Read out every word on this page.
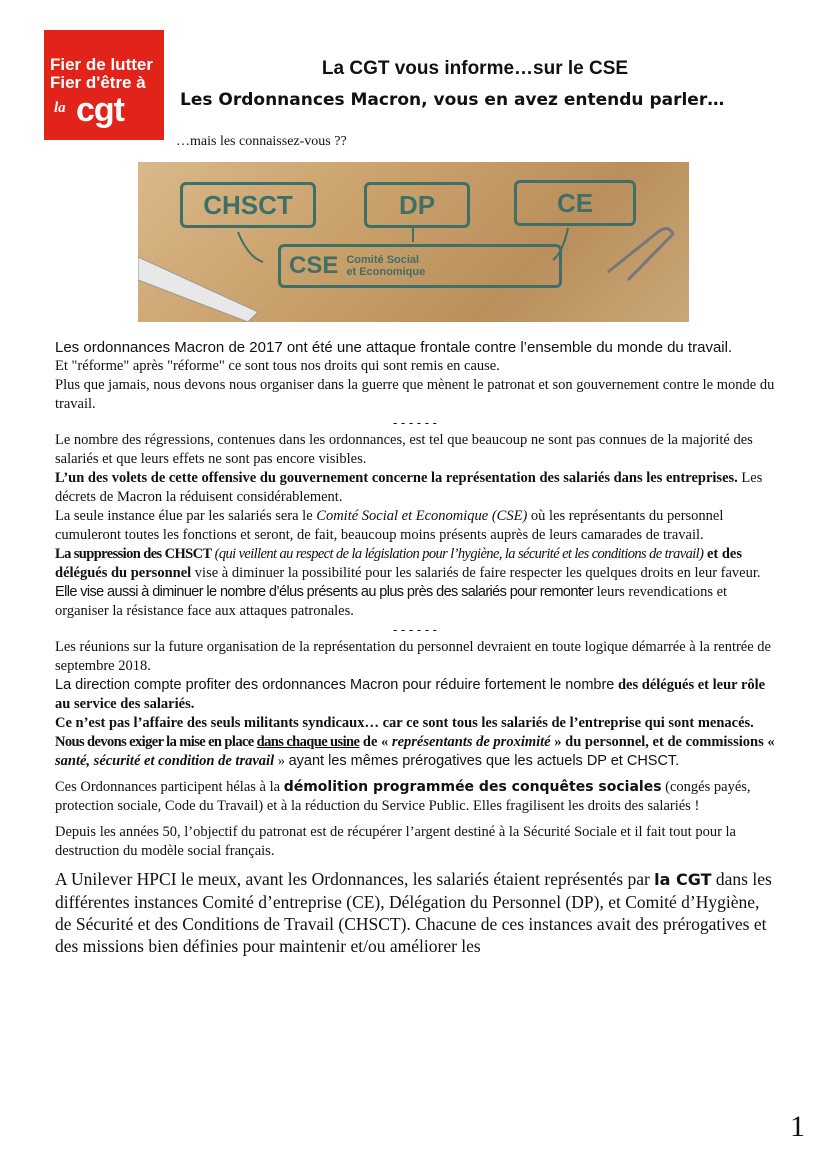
Fier de lutter
Fier d'être à
la cgt
La CGT vous informe…sur le CSE
Les Ordonnances Macron, vous en avez entendu parler…
…mais les connaissez-vous ??
CHSCT	DP	CE
CSE Comité Social
et Economique

Les ordonnances Macron de 2017 ont été une attaque frontale contre l’ensemble du monde du travail.

Et "réforme" après "réforme" ce sont tous nos droits qui sont remis en cause.

Plus que jamais, nous devons nous organiser dans la guerre que mènent le patronat et son gouvernement contre le monde du travail.

- - - - - -

Le nombre des régressions, contenues dans les ordonnances, est tel que beaucoup ne sont pas connues de la majorité des salariés et que leurs effets ne sont pas encore visibles.

L’un des volets de cette offensive du gouvernement concerne la représentation des salariés dans les entreprises. Les décrets de Macron la réduisent considérablement.

La seule instance élue par les salariés sera le Comité Social et Economique (CSE) où les représentants du personnel cumuleront toutes les fonctions et seront, de fait, beaucoup moins présents auprès de leurs camarades de travail.

La suppression des CHSCT (qui veillent au respect de la législation pour l’hygiène, la sécurité et les conditions de travail) et des délégués du personnel vise à diminuer la possibilité pour les salariés de faire respecter les quelques droits en leur faveur.

Elle vise aussi à diminuer le nombre d’élus présents au plus près des salariés pour remonter leurs revendications et organiser la résistance face aux attaques patronales.

- - - - - -

Les réunions sur la future organisation de la représentation du personnel devraient en toute logique démarrée à la rentrée de septembre 2018.

La direction compte profiter des ordonnances Macron pour réduire fortement le nombre des délégués et leur rôle au service des salariés.

Ce n’est pas l’affaire des seuls militants syndicaux… car ce sont tous les salariés de l’entreprise qui sont menacés.

Nous devons exiger la mise en place dans chaque usine de « représentants de proximité » du personnel, et de commissions « santé, sécurité et condition de travail » ayant les mêmes prérogatives que les actuels DP et CHSCT.

Ces Ordonnances participent hélas à la démolition programmée des conquêtes sociales (congés payés, protection sociale, Code du Travail) et à la réduction du Service Public. Elles fragilisent les droits des salariés !

Depuis les années 50, l’objectif du patronat est de récupérer l’argent destiné à la Sécurité Sociale et il fait tout pour la destruction du modèle social français.

A Unilever HPCI le meux, avant les Ordonnances, les salariés étaient représentés par la CGT dans les différentes instances Comité d’entreprise (CE), Délégation du Personnel (DP), et Comité d’Hygiène, de Sécurité et des Conditions de Travail (CHSCT). Chacune de ces instances avait des prérogatives et des missions bien définies pour maintenir et/ou améliorer les

1
